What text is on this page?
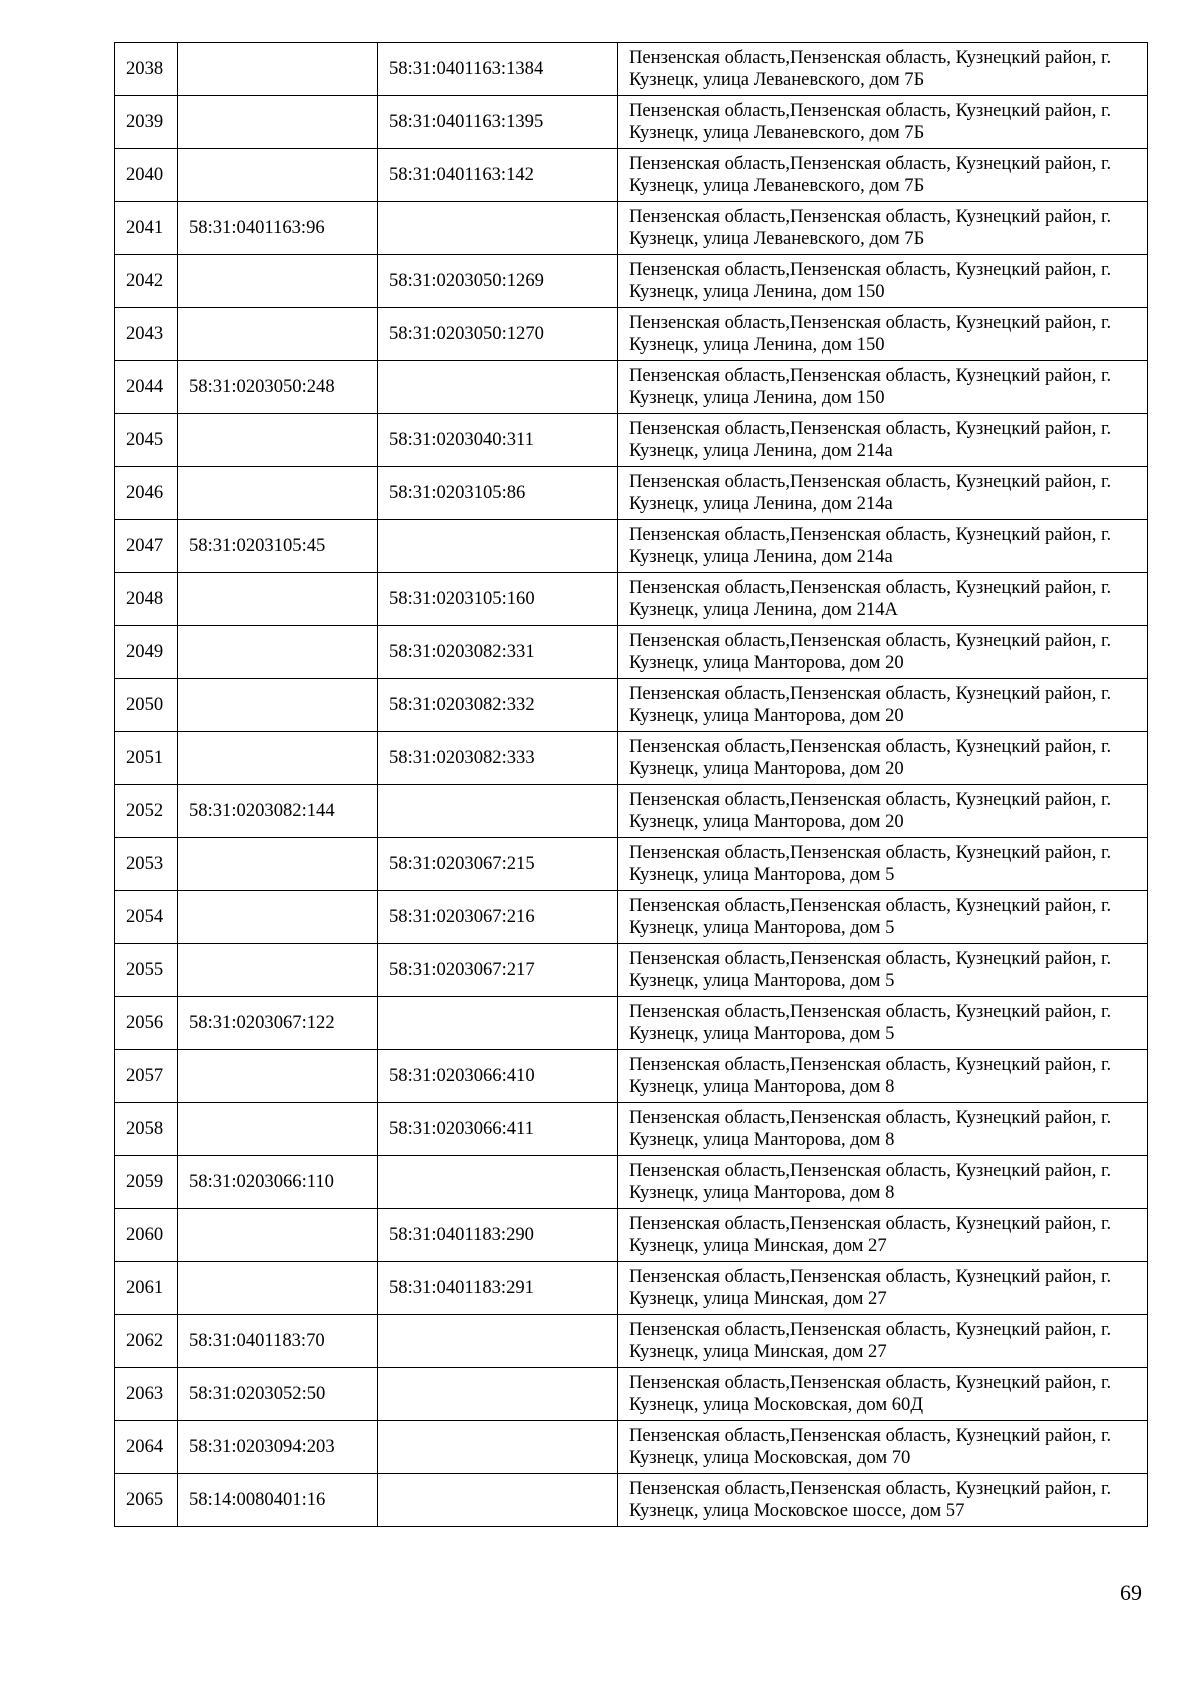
2038		58:31:0401163:1384	Пензенская область,Пензенская область, Кузнецкий район, г. Кузнецк, улица Леваневского, дом 7Б
2039		58:31:0401163:1395	Пензенская область,Пензенская область, Кузнецкий район, г. Кузнецк, улица Леваневского, дом 7Б
2040		58:31:0401163:142	Пензенская область,Пензенская область, Кузнецкий район, г. Кузнецк, улица Леваневского, дом 7Б
2041	58:31:0401163:96		Пензенская область,Пензенская область, Кузнецкий район, г. Кузнецк, улица Леваневского, дом 7Б
2042		58:31:0203050:1269	Пензенская область,Пензенская область, Кузнецкий район, г. Кузнецк, улица Ленина, дом 150
2043		58:31:0203050:1270	Пензенская область,Пензенская область, Кузнецкий район, г. Кузнецк, улица Ленина, дом 150
2044	58:31:0203050:248		Пензенская область,Пензенская область, Кузнецкий район, г. Кузнецк, улица Ленина, дом 150
2045		58:31:0203040:311	Пензенская область,Пензенская область, Кузнецкий район, г. Кузнецк, улица Ленина, дом 214а
2046		58:31:0203105:86	Пензенская область,Пензенская область, Кузнецкий район, г. Кузнецк, улица Ленина, дом 214а
2047	58:31:0203105:45		Пензенская область,Пензенская область, Кузнецкий район, г. Кузнецк, улица Ленина, дом 214а
2048		58:31:0203105:160	Пензенская область,Пензенская область, Кузнецкий район, г. Кузнецк, улица Ленина, дом 214А
2049		58:31:0203082:331	Пензенская область,Пензенская область, Кузнецкий район, г. Кузнецк, улица Манторова, дом 20
2050		58:31:0203082:332	Пензенская область,Пензенская область, Кузнецкий район, г. Кузнецк, улица Манторова, дом 20
2051		58:31:0203082:333	Пензенская область,Пензенская область, Кузнецкий район, г. Кузнецк, улица Манторова, дом 20
2052	58:31:0203082:144		Пензенская область,Пензенская область, Кузнецкий район, г. Кузнецк, улица Манторова, дом 20
2053		58:31:0203067:215	Пензенская область,Пензенская область, Кузнецкий район, г. Кузнецк, улица Манторова, дом 5
2054		58:31:0203067:216	Пензенская область,Пензенская область, Кузнецкий район, г. Кузнецк, улица Манторова, дом 5
2055		58:31:0203067:217	Пензенская область,Пензенская область, Кузнецкий район, г. Кузнецк, улица Манторова, дом 5
2056	58:31:0203067:122		Пензенская область,Пензенская область, Кузнецкий район, г. Кузнецк, улица Манторова, дом 5
2057		58:31:0203066:410	Пензенская область,Пензенская область, Кузнецкий район, г. Кузнецк, улица Манторова, дом 8
2058		58:31:0203066:411	Пензенская область,Пензенская область, Кузнецкий район, г. Кузнецк, улица Манторова, дом 8
2059	58:31:0203066:110		Пензенская область,Пензенская область, Кузнецкий район, г. Кузнецк, улица Манторова, дом 8
2060		58:31:0401183:290	Пензенская область,Пензенская область, Кузнецкий район, г. Кузнецк, улица Минская, дом 27
2061		58:31:0401183:291	Пензенская область,Пензенская область, Кузнецкий район, г. Кузнецк, улица Минская, дом 27
2062	58:31:0401183:70		Пензенская область,Пензенская область, Кузнецкий район, г. Кузнецк, улица Минская, дом 27
2063	58:31:0203052:50		Пензенская область,Пензенская область, Кузнецкий район, г. Кузнецк, улица Московская, дом 60Д
2064	58:31:0203094:203		Пензенская область,Пензенская область, Кузнецкий район, г. Кузнецк, улица Московская, дом 70
2065	58:14:0080401:16		Пензенская область,Пензенская область, Кузнецкий район, г. Кузнецк, улица Московское шоссе, дом 57
69
